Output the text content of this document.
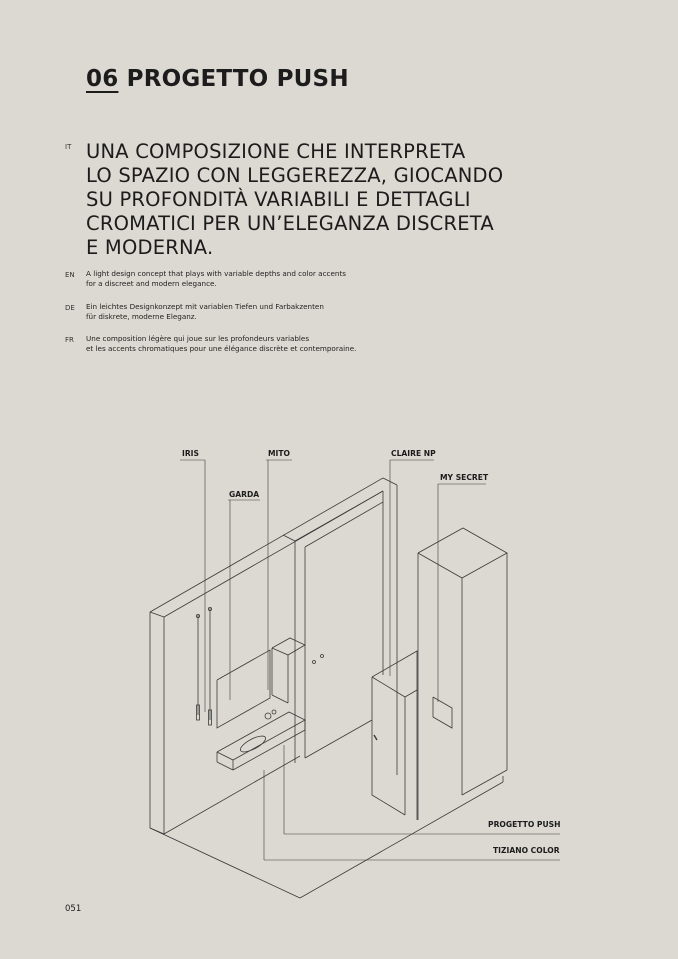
06 PROGETTO PUSH
IT UNA COMPOSIZIONE CHE INTERPRETA
LO SPAZIO CON LEGGEREZZA, GIOCANDO
SU PROFONDITÀ VARIABILI E DETTAGLI
CROMATICI PER UN’ELEGANZA DISCRETA
E MODERNA.
EN A light design concept that plays with variable depths and color accents
for a discreet and modern elegance.
DE Ein leichtes Designkonzept mit variablen Tiefen und Farbakzenten
für diskrete, moderne Eleganz.
FR Une composition légère qui joue sur les profondeurs variables
et les accents chromatiques pour une élégance discrète et contemporaine.
IRIS	MITO	CLAIRE NP
MY SECRET
GARDA
PROGETTO PUSH
TIZIANO COLOR
051
